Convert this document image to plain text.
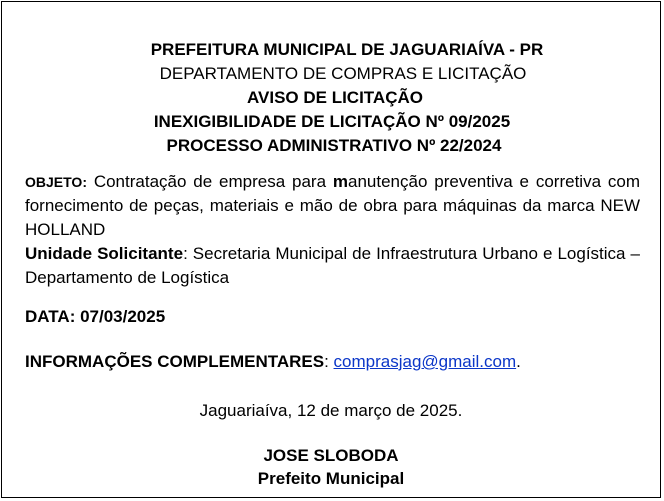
PREFEITURA MUNICIPAL DE JAGUARIAÍVA - PR
DEPARTAMENTO DE COMPRAS E LICITAÇÃO
AVISO DE LICITAÇÃO
INEXIGIBILIDADE DE LICITAÇÃO Nº 09/2025
PROCESSO ADMINISTRATIVO Nº 22/2024
OBJETO: Contratação de empresa para manutenção preventiva e corretiva com fornecimento de peças, materiais e mão de obra para máquinas da marca NEW HOLLAND
Unidade Solicitante: Secretaria Municipal de Infraestrutura Urbano e Logística – Departamento de Logística
DATA: 07/03/2025
INFORMAÇÕES COMPLEMENTARES: comprasjag@gmail.com.
Jaguariaíva, 12 de março de 2025.
JOSE SLOBODA
Prefeito Municipal
